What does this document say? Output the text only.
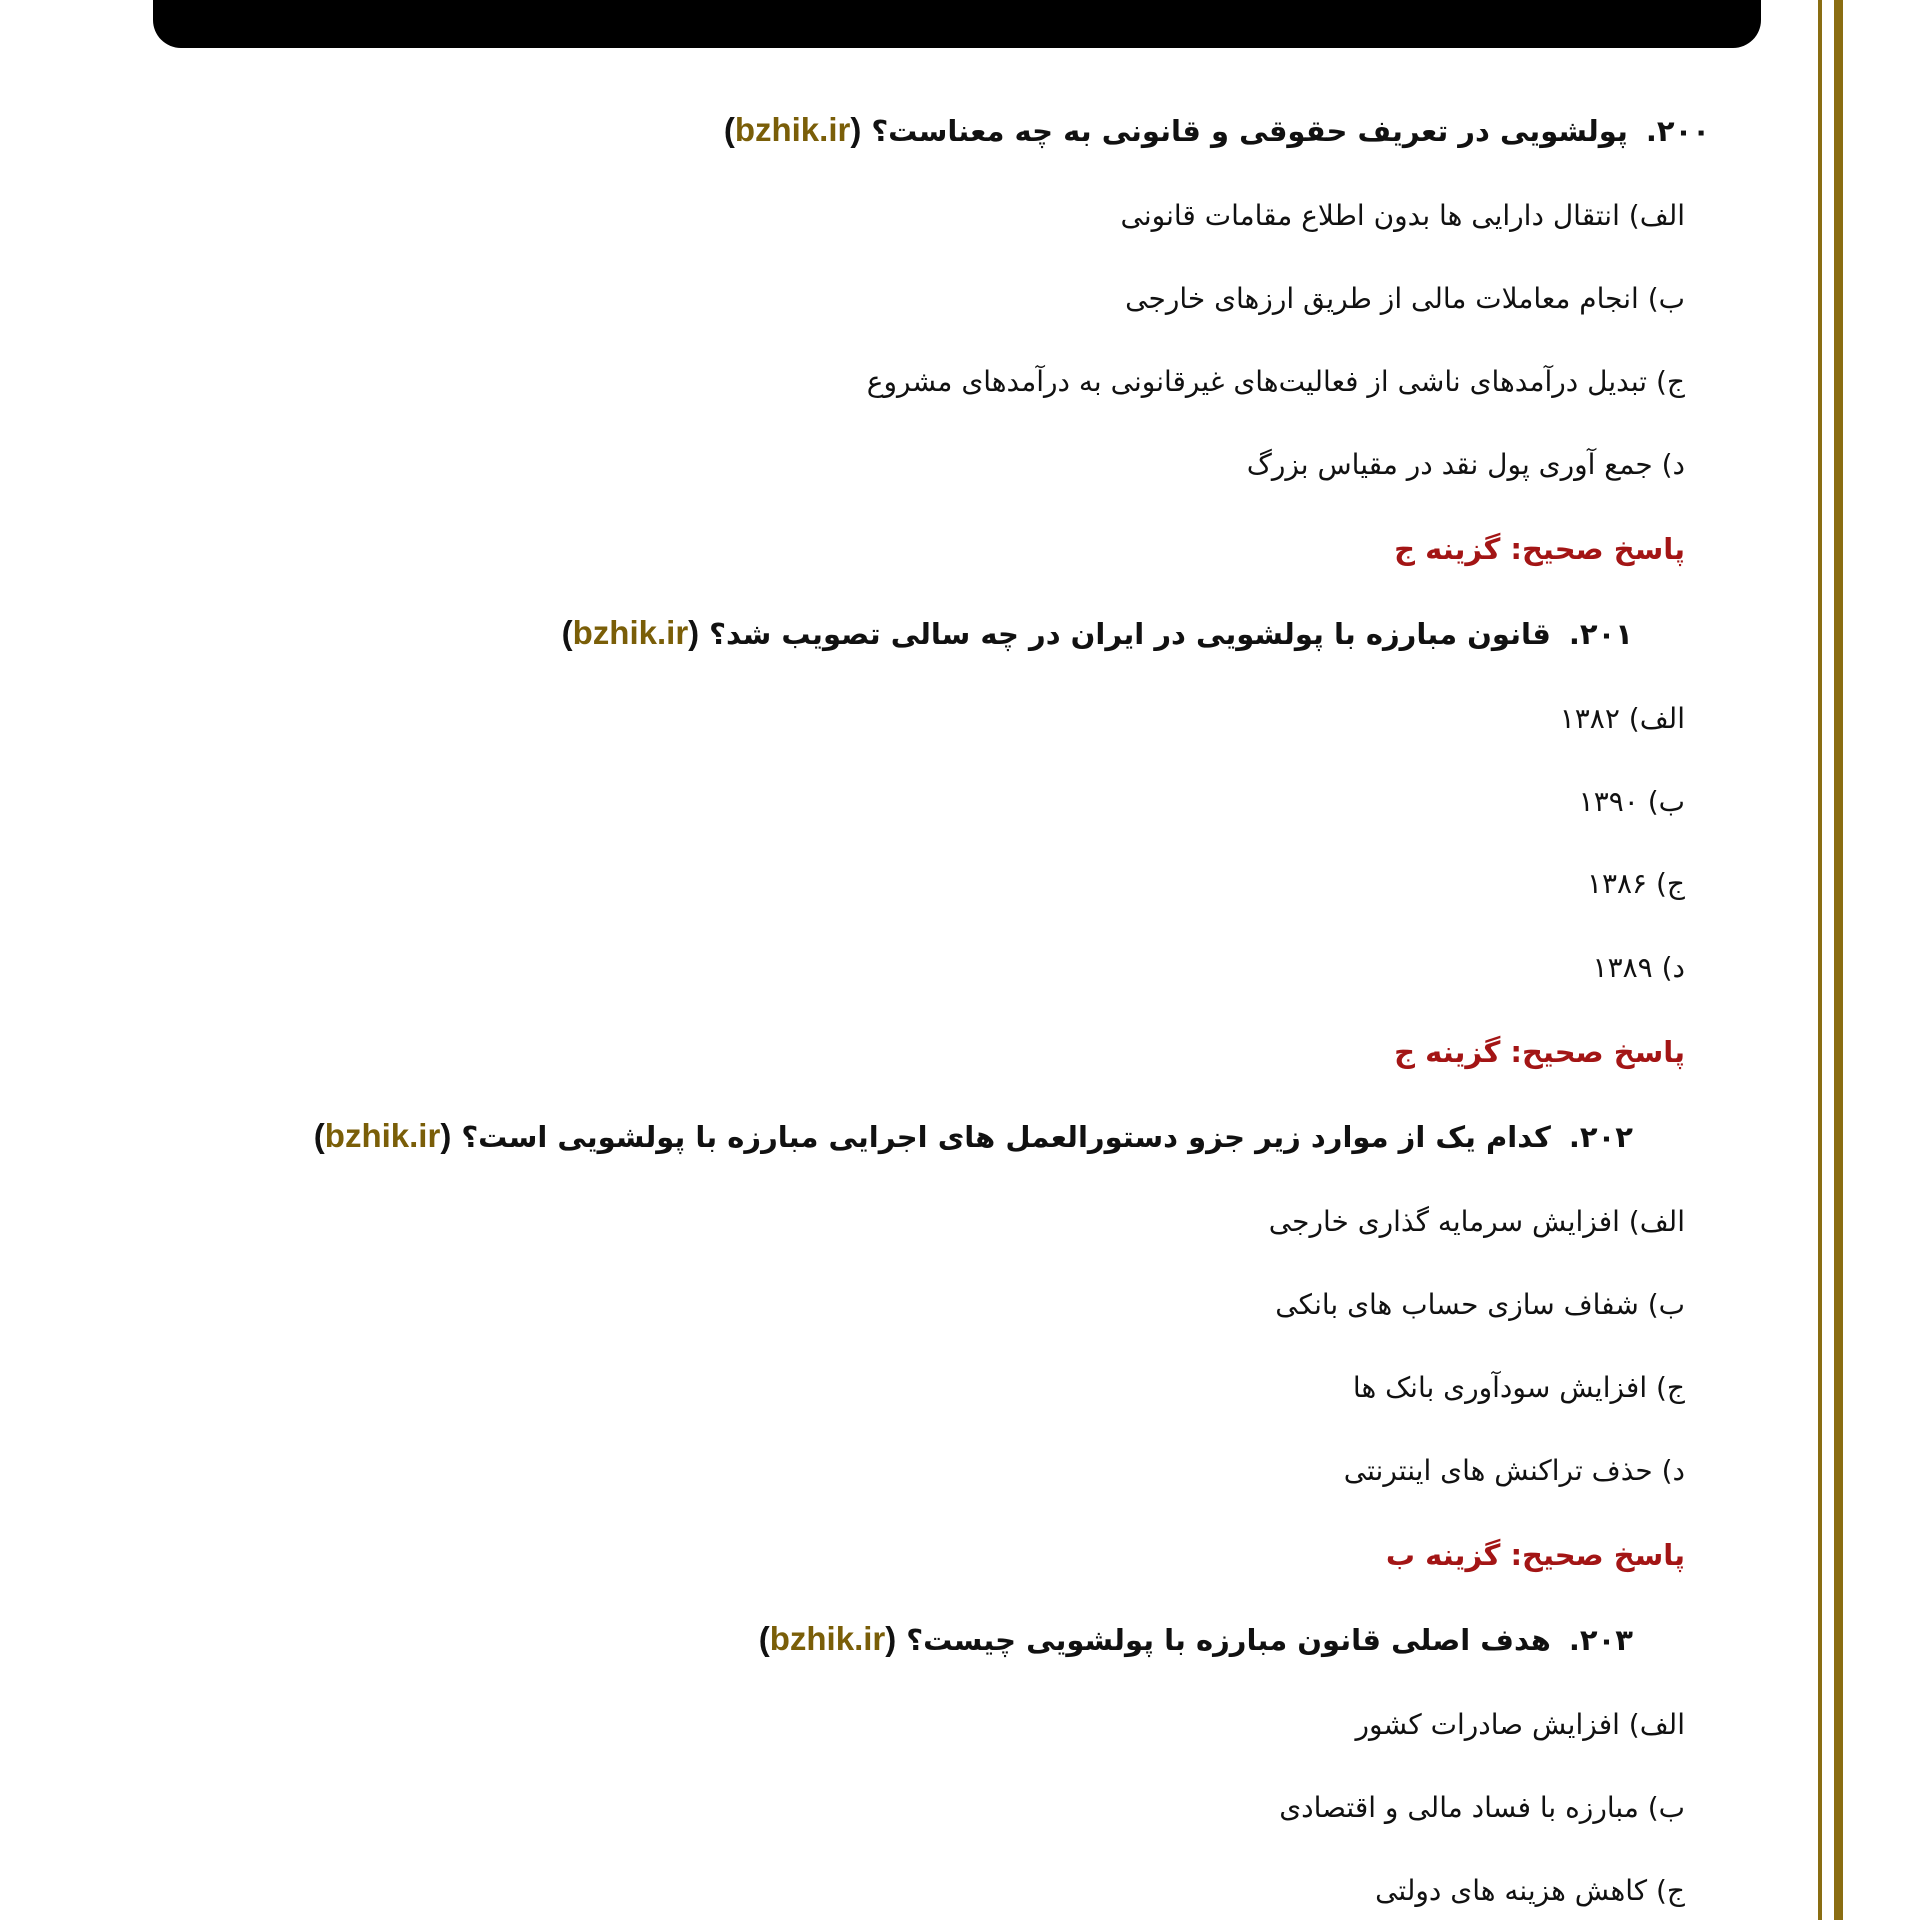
۲۰۰.پولشویی در تعریف حقوقی و قانونی به چه معناست؟(bzhik.ir)
الف) انتقال دارایی ها بدون اطلاع مقامات قانونی
ب) انجام معاملات مالی از طریق ارزهای خارجی
ج) تبدیل درآمدهای ناشی از فعالیت‌های غیرقانونی به درآمدهای مشروع
د) جمع آوری پول نقد در مقیاس بزرگ
پاسخ صحیح: گزینه ج
۲۰۱.قانون مبارزه با پولشویی در ایران در چه سالی تصویب شد؟(bzhik.ir)
الف) ۱۳۸۲
ب) ۱۳۹۰
ج) ۱۳۸۶
د) ۱۳۸۹
پاسخ صحیح: گزینه ج
۲۰۲.کدام یک از موارد زیر جزو دستورالعمل های اجرایی مبارزه با پولشویی است؟(bzhik.ir)
الف) افزایش سرمایه گذاری خارجی
ب) شفاف سازی حساب های بانکی
ج) افزایش سودآوری بانک ها
د) حذف تراکنش های اینترنتی
پاسخ صحیح: گزینه ب
۲۰۳.هدف اصلی قانون مبارزه با پولشویی چیست؟(bzhik.ir)
الف) افزایش صادرات کشور
ب) مبارزه با فساد مالی و اقتصادی
ج) کاهش هزینه های دولتی
